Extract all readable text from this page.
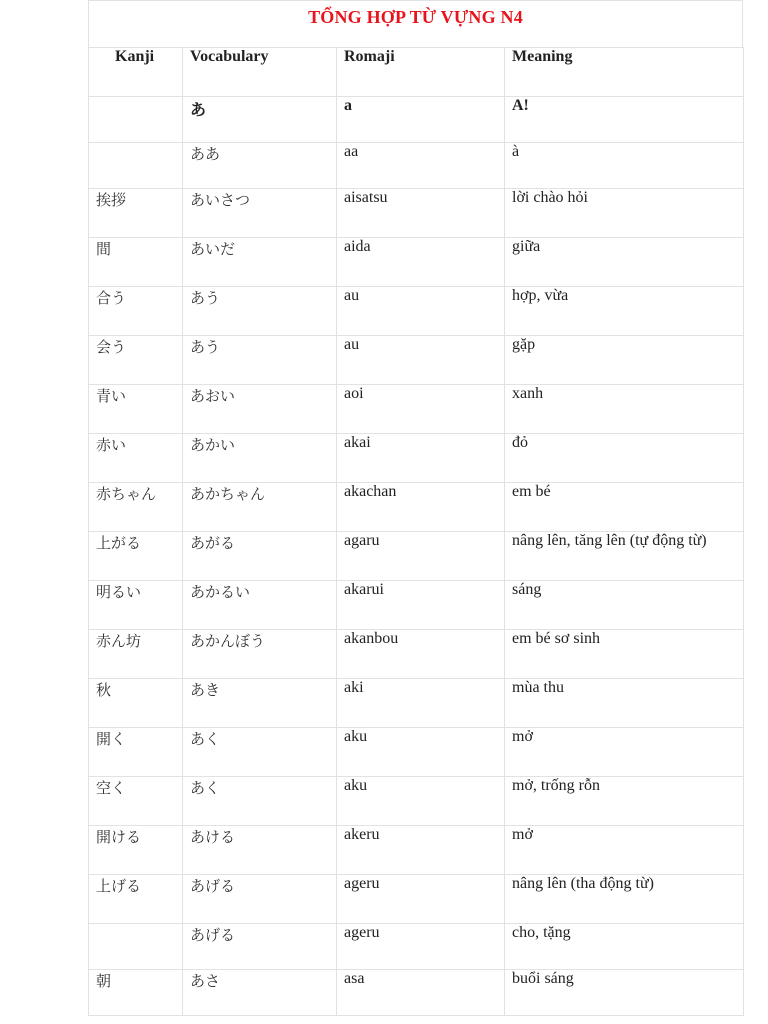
TỔNG HỢP TỪ VỰNG N4
Kanji	Vocabulary	Romaji	Meaning
	あ	a	A!
	ああ	aa	à
挨拶	あいさつ	aisatsu	lời chào hỏi
間	あいだ	aida	giữa
合う	あう	au	hợp, vừa
会う	あう	au	gặp
青い	あおい	aoi	xanh
赤い	あかい	akai	đỏ
赤ちゃん	あかちゃん	akachan	em bé
上がる	あがる	agaru	nâng lên, tăng lên (tự động từ)
明るい	あかるい	akarui	sáng
赤ん坊	あかんぼう	akanbou	em bé sơ sinh
秋	あき	aki	mùa thu
開く	あく	aku	mở
空く	あく	aku	mở, trống rỗn
開ける	あける	akeru	mở
上げる	あげる	ageru	nâng lên (tha động từ)
	あげる	ageru	cho, tặng
朝	あさ	asa	buổi sáng
